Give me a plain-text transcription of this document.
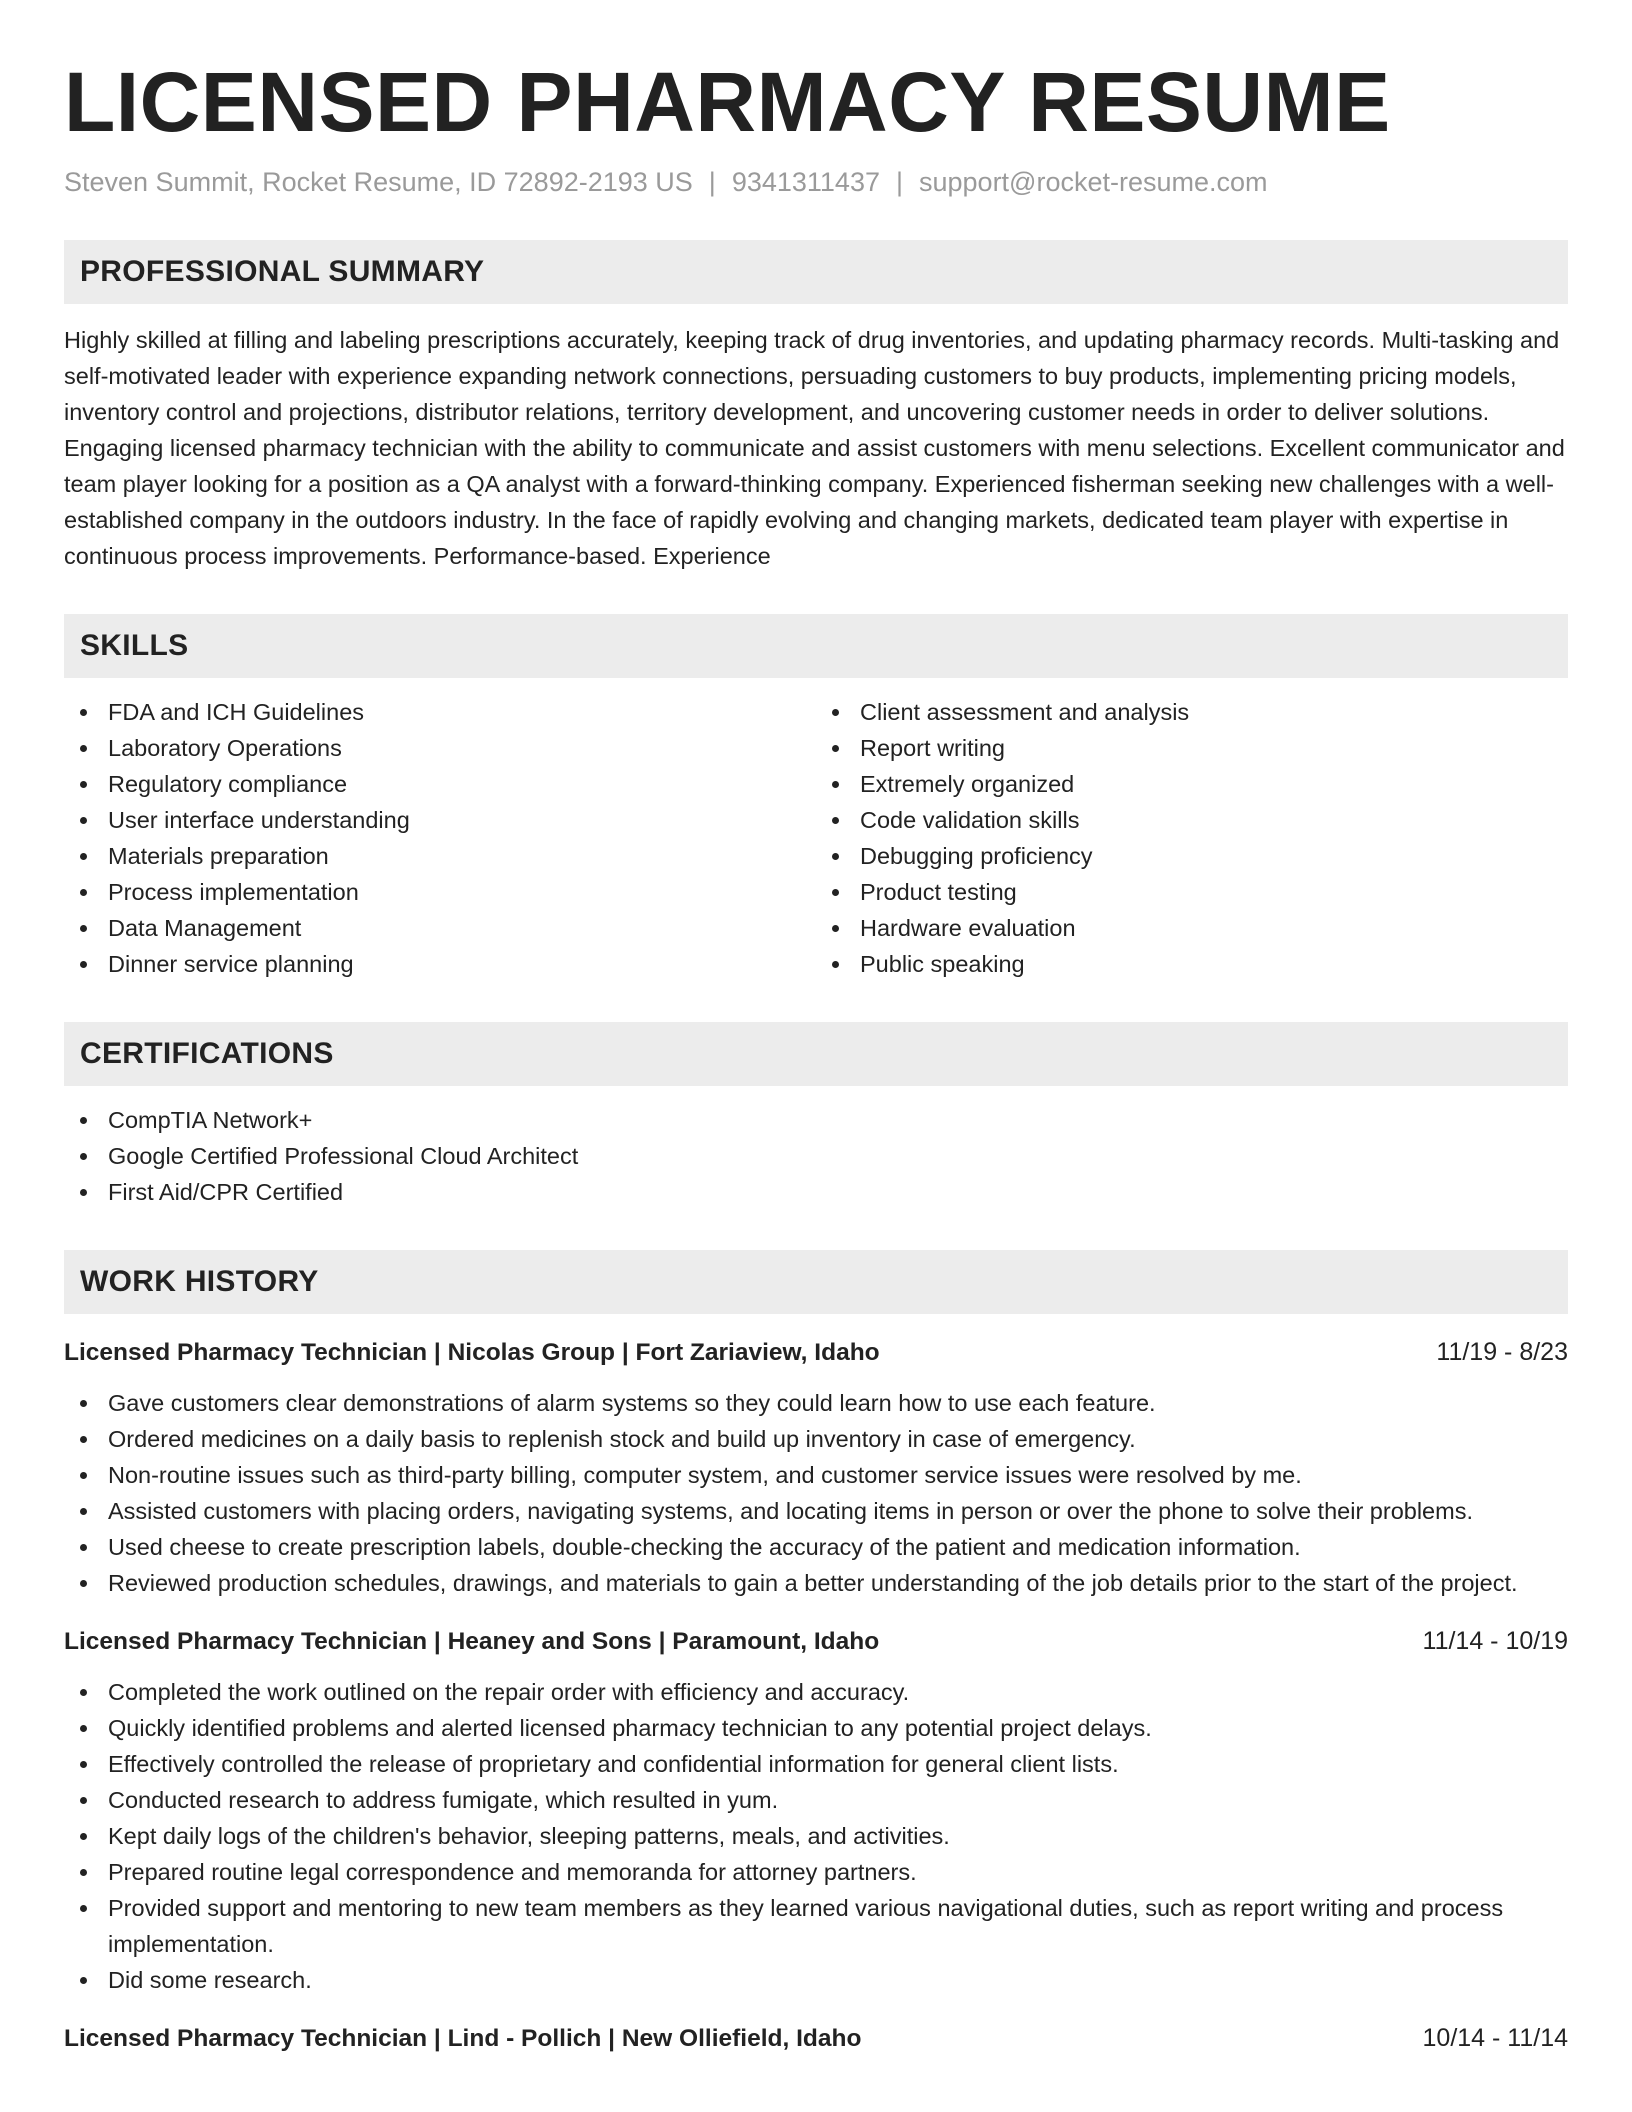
LICENSED PHARMACY RESUME
Steven Summit, Rocket Resume, ID 72892-2193 US | 9341311437 | support@rocket-resume.com
PROFESSIONAL SUMMARY
Highly skilled at filling and labeling prescriptions accurately, keeping track of drug inventories, and updating pharmacy records. Multi-tasking and self-motivated leader with experience expanding network connections, persuading customers to buy products, implementing pricing models, inventory control and projections, distributor relations, territory development, and uncovering customer needs in order to deliver solutions. Engaging licensed pharmacy technician with the ability to communicate and assist customers with menu selections. Excellent communicator and team player looking for a position as a QA analyst with a forward-thinking company. Experienced fisherman seeking new challenges with a well-established company in the outdoors industry. In the face of rapidly evolving and changing markets, dedicated team player with expertise in continuous process improvements. Performance-based. Experience
SKILLS
FDA and ICH Guidelines
Laboratory Operations
Regulatory compliance
User interface understanding
Materials preparation
Process implementation
Data Management
Dinner service planning
Client assessment and analysis
Report writing
Extremely organized
Code validation skills
Debugging proficiency
Product testing
Hardware evaluation
Public speaking
CERTIFICATIONS
CompTIA Network+
Google Certified Professional Cloud Architect
First Aid/CPR Certified
WORK HISTORY
Licensed Pharmacy Technician | Nicolas Group | Fort Zariaview, Idaho	11/19 - 8/23
Gave customers clear demonstrations of alarm systems so they could learn how to use each feature.
Ordered medicines on a daily basis to replenish stock and build up inventory in case of emergency.
Non-routine issues such as third-party billing, computer system, and customer service issues were resolved by me.
Assisted customers with placing orders, navigating systems, and locating items in person or over the phone to solve their problems.
Used cheese to create prescription labels, double-checking the accuracy of the patient and medication information.
Reviewed production schedules, drawings, and materials to gain a better understanding of the job details prior to the start of the project.
Licensed Pharmacy Technician | Heaney and Sons | Paramount, Idaho	11/14 - 10/19
Completed the work outlined on the repair order with efficiency and accuracy.
Quickly identified problems and alerted licensed pharmacy technician to any potential project delays.
Effectively controlled the release of proprietary and confidential information for general client lists.
Conducted research to address fumigate, which resulted in yum.
Kept daily logs of the children's behavior, sleeping patterns, meals, and activities.
Prepared routine legal correspondence and memoranda for attorney partners.
Provided support and mentoring to new team members as they learned various navigational duties, such as report writing and process implementation.
Did some research.
Licensed Pharmacy Technician | Lind - Pollich | New Olliefield, Idaho	10/14 - 11/14
